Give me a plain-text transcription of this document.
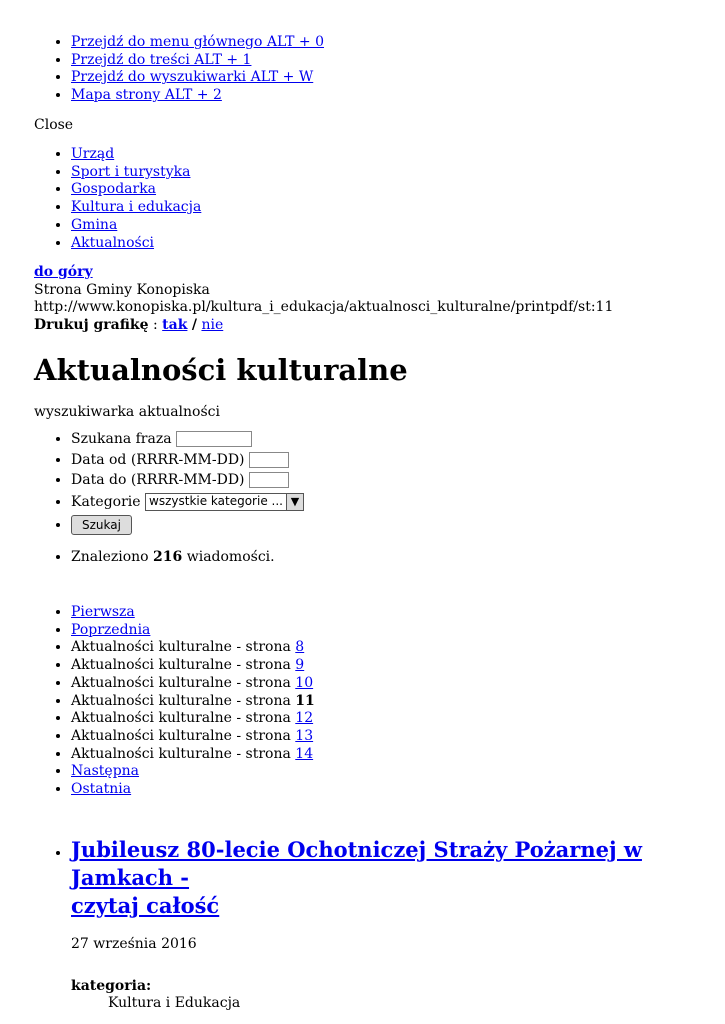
• Przejdź do menu głównego ALT + 0
• Przejdź do treści ALT + 1
• Przejdź do wyszukiwarki ALT + W
• Mapa strony ALT + 2
Close
• Urząd
• Sport i turystyka
• Gospodarka
• Kultura i edukacja
• Gmina
• Aktualności
do góry
Strona Gminy Konopiska
http://www.konopiska.pl/kultura_i_edukacja/aktualnosci_kulturalne/printpdf/st:11
Drukuj grafikę : tak / nie
Aktualności kulturalne
wyszukiwarka aktualności
• Szukana fraza
• Data od (RRRR-MM-DD)
• Data do (RRRR-MM-DD)
• Kategorie wszystkie kategorie ... ▼
• Szukaj
• Znaleziono 216 wiadomości.
• Pierwsza
• Poprzednia
• Aktualności kulturalne - strona 8
• Aktualności kulturalne - strona 9
• Aktualności kulturalne - strona 10
• Aktualności kulturalne - strona 11
• Aktualności kulturalne - strona 12
• Aktualności kulturalne - strona 13
• Aktualności kulturalne - strona 14
• Następna
• Ostatnia
• Jubileusz 80-lecie Ochotniczej Straży Pożarnej w Jamkach -
czytaj całość
27 września 2016
kategoria:
Kultura i Edukacja
